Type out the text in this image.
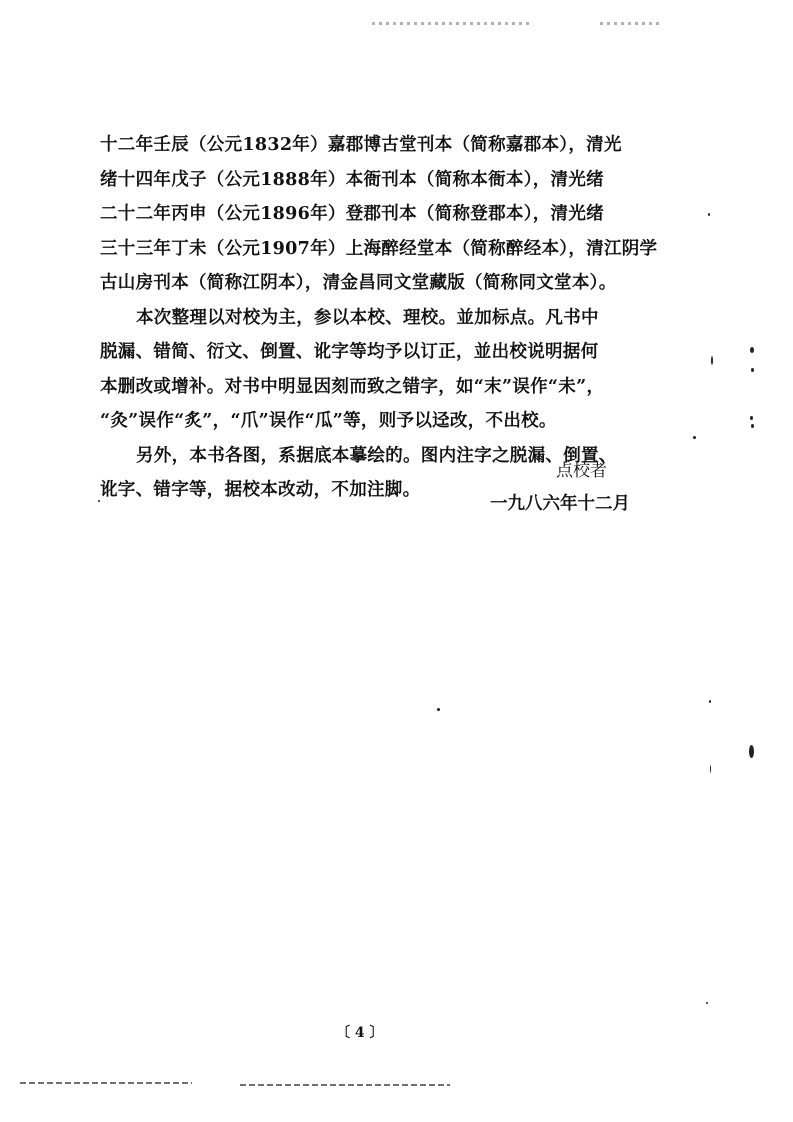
十二年壬辰（公元1832年）嘉郡博古堂刊本（简称嘉郡本），清光
绪十四年戊子（公元1888年）本衙刊本（简称本衙本），清光绪
二十二年丙申（公元1896年）登郡刊本（简称登郡本），清光绪
三十三年丁未（公元1907年）上海醉经堂本（简称醉经本），清江阴学
古山房刊本（简称江阴本），清金昌同文堂藏版（简称同文堂本）。
本次整理以对校为主，参以本校、理校。並加标点。凡书中
脱漏、错简、衍文、倒置、讹字等均予以订正，並出校说明据何
本删改或增补。对书中明显因刻而致之错字，如“末”误作“未”，
“灸”误作“炙”，“爪”误作“瓜”等，则予以迳改，不出校。
另外，本书各图，系据底本摹绘的。图内注字之脱漏、倒置、
讹字、错字等，据校本改动，不加注脚。
点校者
一九八六年十二月
〔 4 〕
